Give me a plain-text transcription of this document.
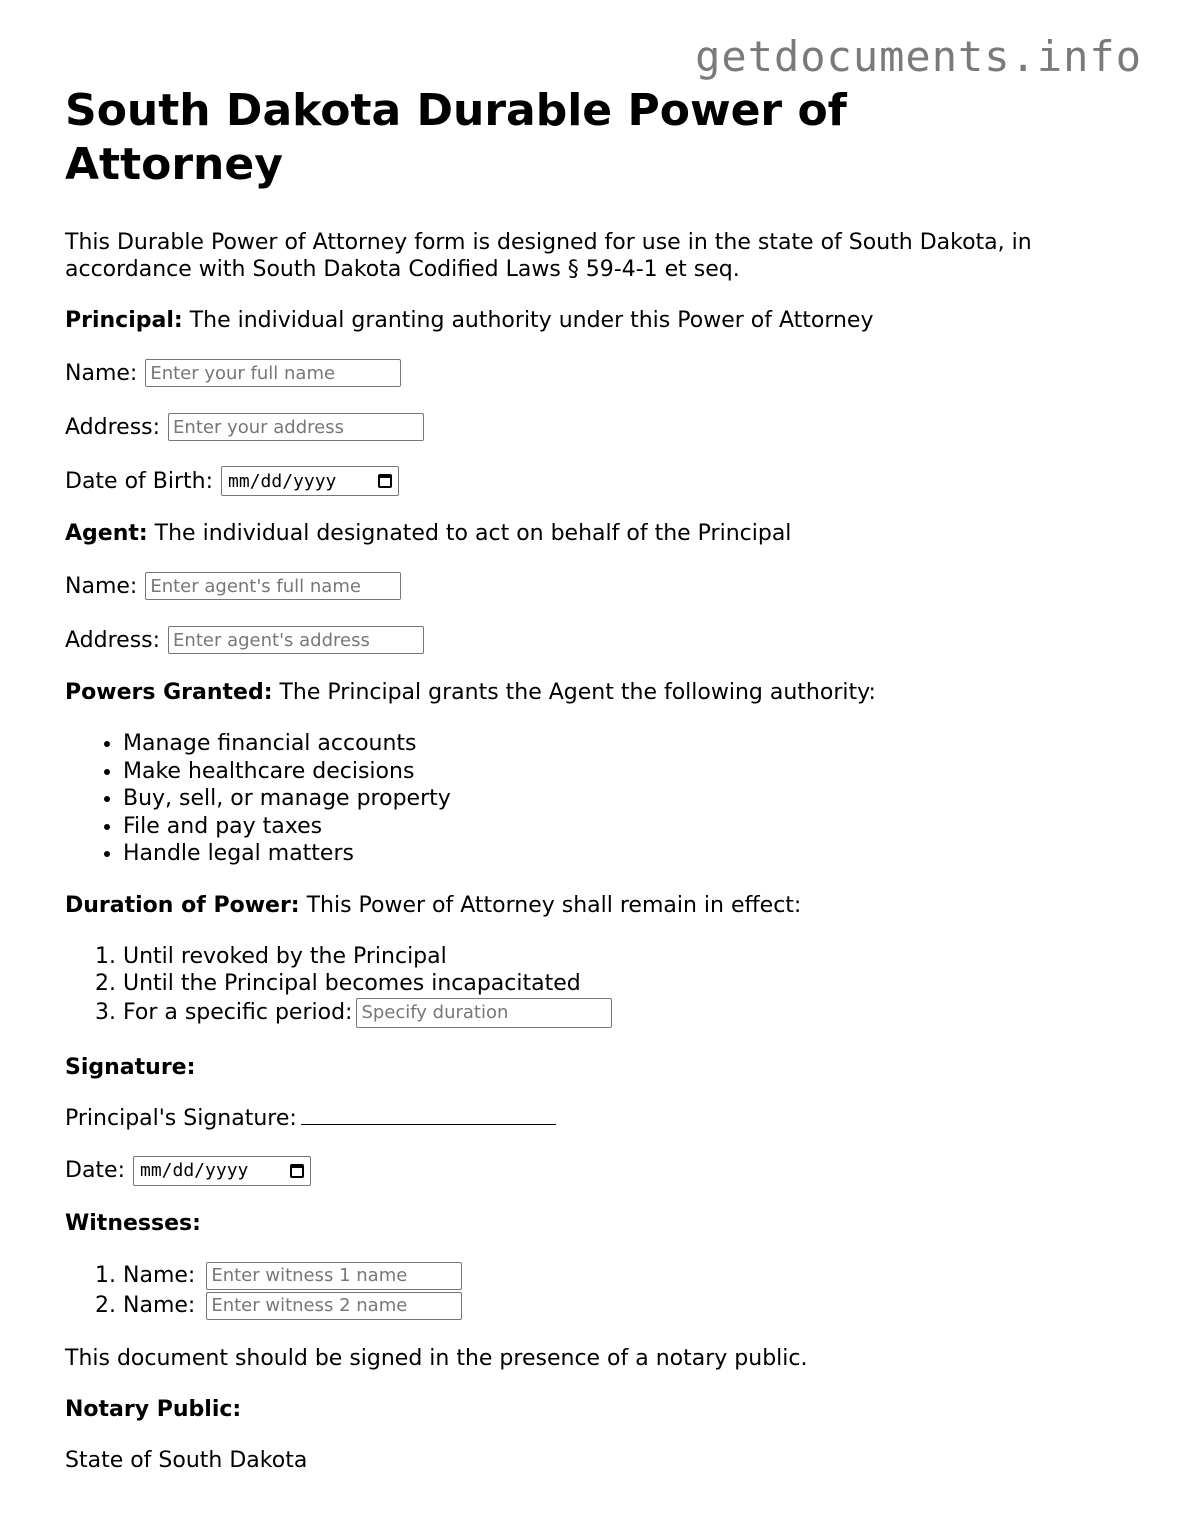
getdocuments.info
South Dakota Durable Power of Attorney

This Durable Power of Attorney form is designed for use in the state of South Dakota, in accordance with South Dakota Codified Laws § 59-4-1 et seq.

Principal: The individual granting authority under this Power of Attorney

Name:
Enter your full name
Address:
Enter your address
Date of Birth: mm/dd/yyyy

Agent: The individual designated to act on behalf of the Principal

Name:
Enter agent's full name
Address:
Enter agent's address

Powers Granted: The Principal grants the Agent the following authority:

• Manage financial accounts
• Make healthcare decisions
• Buy, sell, or manage property
• File and pay taxes
• Handle legal matters

Duration of Power: This Power of Attorney shall remain in effect:

1. Until revoked by the Principal
2. Until the Principal becomes incapacitated
3. For a specific period:Specify duration

Signature:

Principal's Signature:

Date: mm/dd/yyyy

Witnesses:

1. Name: Enter witness 1 name
2. Name: Enter witness 2 name

This document should be signed in the presence of a notary public.

Notary Public:

State of South Dakota
